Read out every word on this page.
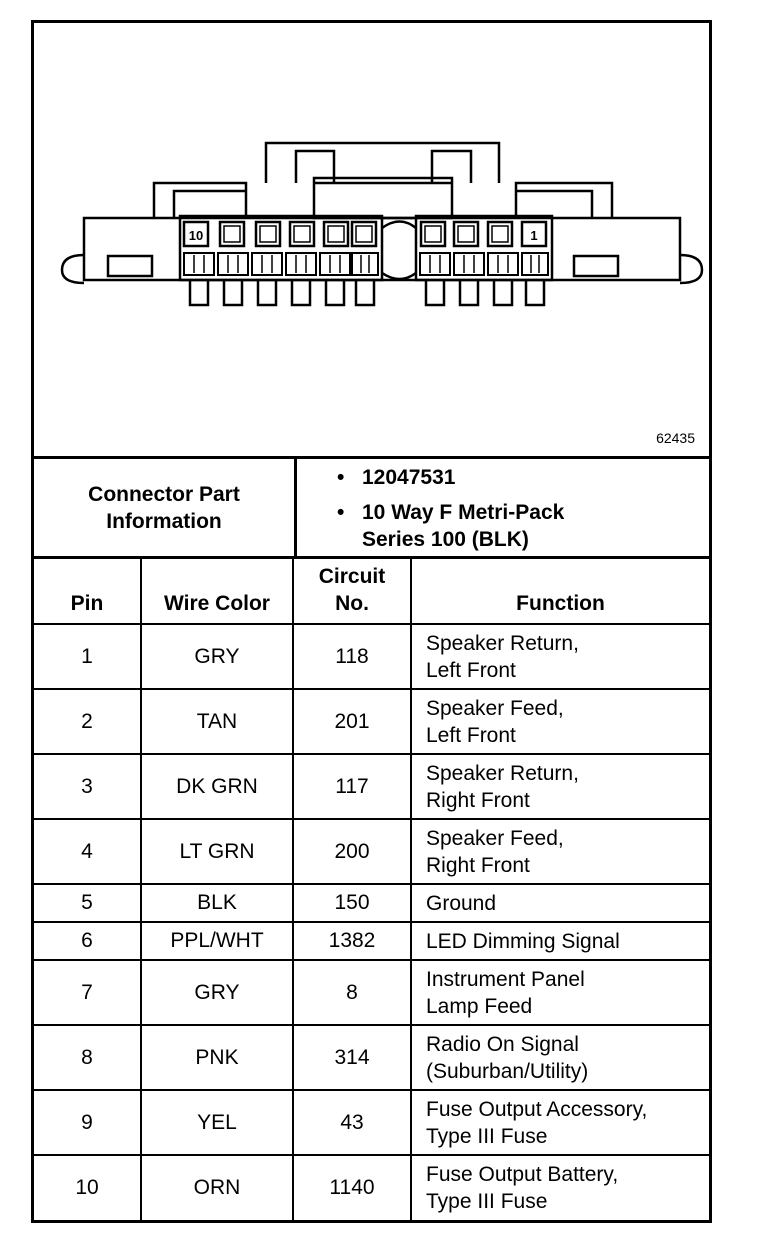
10	1
62435
Connector Part
Information
• 12047531
• 10 Way F Metri-Pack
Series 100 (BLK)
Pin	Wire Color	Circuit
No.	Function
1	GRY	118	Speaker Return,
Left Front

2	TAN	201	Speaker Feed,
Left Front

3	DK GRN	117	Speaker Return,
Right Front

4	LT GRN	200	Speaker Feed,
Right Front

5	BLK	150	Ground

6	PPL/WHT	1382	LED Dimming Signal

7	GRY	8	Instrument Panel
Lamp Feed

8	PNK	314	Radio On Signal
(Suburban/Utility)

9	YEL	43	Fuse Output Accessory,
Type III Fuse

10	ORN	1140	Fuse Output Battery,
Type III Fuse
